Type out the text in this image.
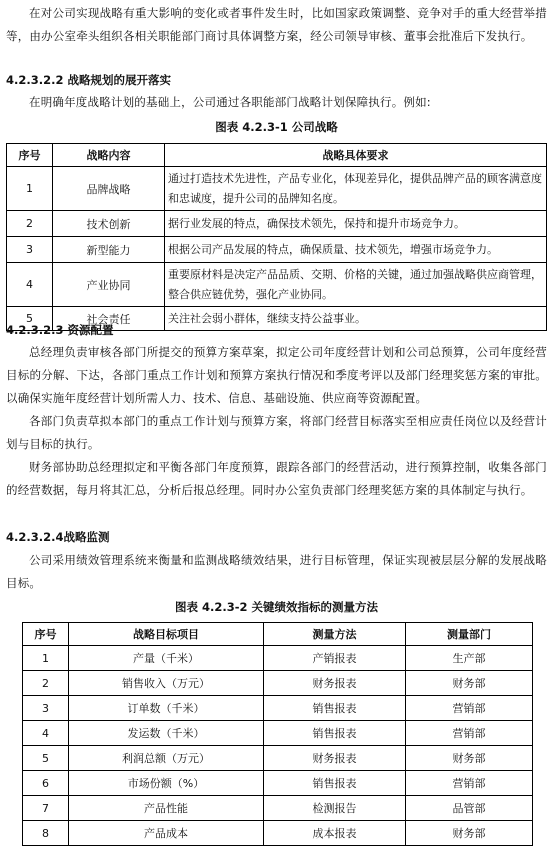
在对公司实现战略有重大影响的变化或者事件发生时，比如国家政策调整、竞争对手的重大经营举措等，由办公室牵头组织各相关职能部门商讨具体调整方案，经公司领导审核、董事会批准后下发执行。

4.2.3.2.2 战略规划的展开落实

在明确年度战略计划的基础上，公司通过各职能部门战略计划保障执行。例如:

图表 4.2.3-1 公司战略

序号	战略内容	战略具体要求
1	品牌战略	通过打造技术先进性，产品专业化，体现差异化，提供品牌产品的顾客满意度和忠诚度，提升公司的品牌知名度。
2	技术创新	据行业发展的特点，确保技术领先，保持和提升市场竞争力。
3	新型能力	根据公司产品发展的特点，确保质量、技术领先，增强市场竞争力。
4	产业协同	重要原材料是决定产品品质、交期、价格的关键，通过加强战略供应商管理，整合供应链优势，强化产业协同。
5	社会责任	关注社会弱小群体，继续支持公益事业。

4.2.3.2.3 资源配置

总经理负责审核各部门所提交的预算方案草案，拟定公司年度经营计划和公司总预算，公司年度经营目标的分解、下达，各部门重点工作计划和预算方案执行情况和季度考评以及部门经理奖惩方案的审批。以确保实施年度经营计划所需人力、技术、信息、基础设施、供应商等资源配置。

各部门负责草拟本部门的重点工作计划与预算方案，将部门经营目标落实至相应责任岗位以及经营计划与目标的执行。

财务部协助总经理拟定和平衡各部门年度预算，跟踪各部门的经营活动，进行预算控制，收集各部门的经营数据，每月将其汇总，分析后报总经理。同时办公室负责部门经理奖惩方案的具体制定与执行。

4.2.3.2.4战略监测

公司采用绩效管理系统来衡量和监测战略绩效结果，进行目标管理，保证实现被层层分解的发展战略目标。

图表 4.2.3-2 关键绩效指标的测量方法

序号	战略目标项目	测量方法	测量部门
1	产量（千米）	产销报表	生产部
2	销售收入（万元）	财务报表	财务部
3	订单数（千米）	销售报表	营销部
4	发运数（千米）	销售报表	营销部
5	利润总额（万元）	财务报表	财务部
6	市场份额（%）	销售报表	营销部
7	产品性能	检测报告	品管部
8	产品成本	成本报表	财务部
